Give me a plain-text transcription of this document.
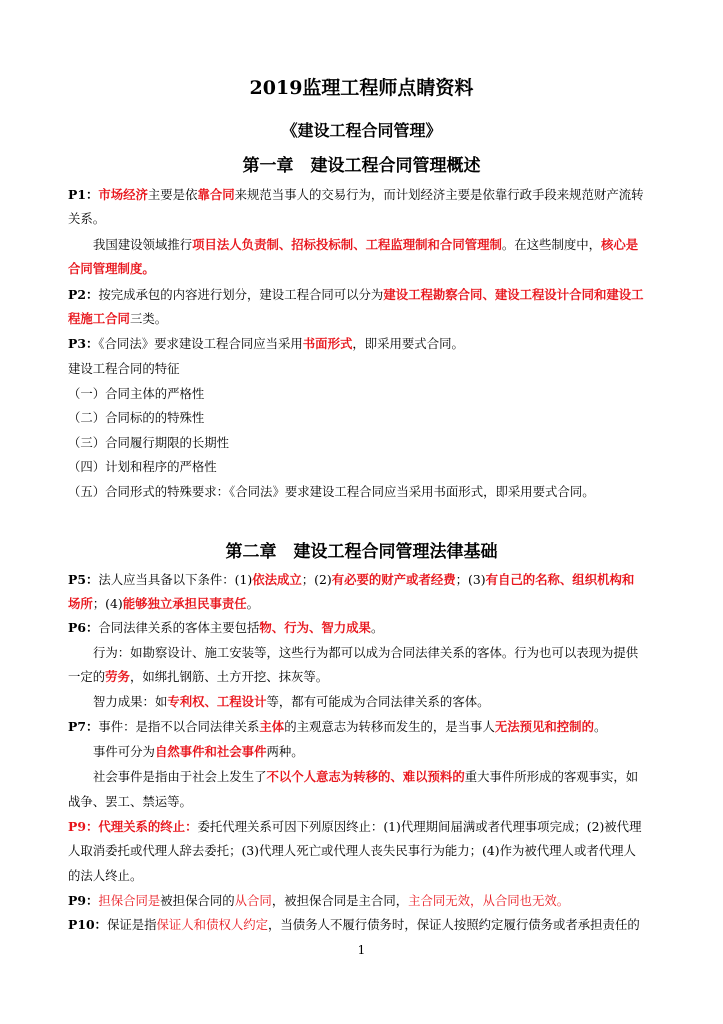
2019监理工程师点睛资料
《建设工程合同管理》
第一章　建设工程合同管理概述
P1：市场经济主要是依靠合同来规范当事人的交易行为，而计划经济主要是依靠行政手段来规范财产流转
关系。
我国建设领域推行项目法人负责制、招标投标制、工程监理制和合同管理制。在这些制度中，核心是
合同管理制度。
P2：按完成承包的内容进行划分，建设工程合同可以分为建设工程勘察合同、建设工程设计合同和建设工
程施工合同三类。
P3：《合同法》要求建设工程合同应当采用书面形式，即采用要式合同。
建设工程合同的特征
（一）合同主体的严格性
（二）合同标的的特殊性
（三）合同履行期限的长期性
（四）计划和程序的严格性
（五）合同形式的特殊要求：《合同法》要求建设工程合同应当采用书面形式，即采用要式合同。
第二章　建设工程合同管理法律基础
P5：法人应当具备以下条件：(1)依法成立；(2)有必要的财产或者经费；(3)有自己的名称、组织机构和
场所；(4)能够独立承担民事责任。
P6：合同法律关系的客体主要包括物、行为、智力成果。
行为：如勘察设计、施工安装等，这些行为都可以成为合同法律关系的客体。行为也可以表现为提供
一定的劳务，如绑扎钢筋、土方开挖、抹灰等。
智力成果：如专利权、工程设计等，都有可能成为合同法律关系的客体。
P7：事件：是指不以合同法律关系主体的主观意志为转移而发生的，是当事人无法预见和控制的。
事件可分为自然事件和社会事件两种。
社会事件是指由于社会上发生了不以个人意志为转移的、难以预料的重大事件所形成的客观事实，如
战争、罢工、禁运等。
P9：代理关系的终止：委托代理关系可因下列原因终止：(1)代理期间届满或者代理事项完成；(2)被代理
人取消委托或代理人辞去委托；(3)代理人死亡或代理人丧失民事行为能力；(4)作为被代理人或者代理人
的法人终止。
P9：担保合同是被担保合同的从合同，被担保合同是主合同，主合同无效，从合同也无效。
P10：保证是指保证人和债权人约定，当债务人不履行债务时，保证人按照约定履行债务或者承担责任的
1
